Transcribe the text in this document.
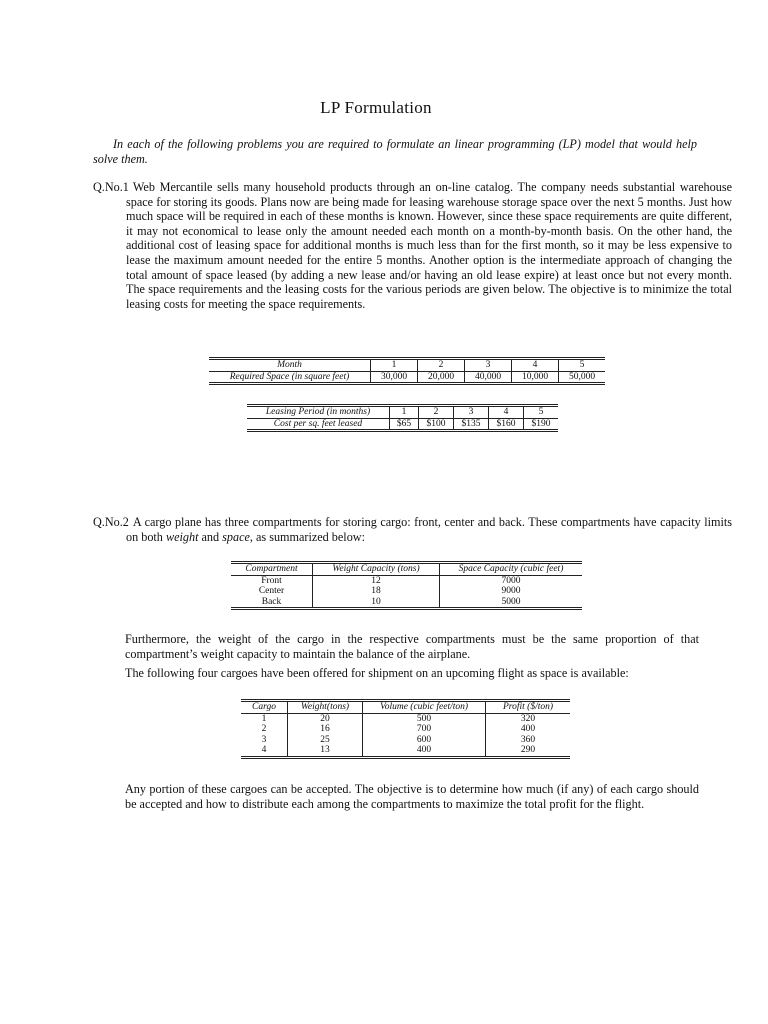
LP Formulation
In each of the following problems you are required to formulate an linear programming (LP) model that would help solve them.
Q.No.1 Web Mercantile sells many household products through an on-line catalog. The company needs substantial warehouse space for storing its goods. Plans now are being made for leasing warehouse storage space over the next 5 months. Just how much space will be required in each of these months is known. However, since these space requirements are quite different, it may not economical to lease only the amount needed each month on a month-by-month basis. On the other hand, the additional cost of leasing space for additional months is much less than for the first month, so it may be less expensive to lease the maximum amount needed for the entire 5 months. Another option is the intermediate approach of changing the total amount of space leased (by adding a new lease and/or having an old lease expire) at least once but not every month. The space requirements and the leasing costs for the various periods are given below. The objective is to minimize the total leasing costs for meeting the space requirements.
Month	1	2	3	4	5
Required Space (in square feet)	30,000	20,000	40,000	10,000	50,000
Leasing Period (in months)	1	2	3	4	5
Cost per sq. feet leased	$65	$100	$135	$160	$190
Q.No.2 A cargo plane has three compartments for storing cargo: front, center and back. These compartments have capacity limits on both weight and space, as summarized below:
Compartment	Weight Capacity (tons)	Space Capacity (cubic feet)
Front	12	7000
Center	18	9000
Back	10	5000
Furthermore, the weight of the cargo in the respective compartments must be the same proportion of that compartment’s weight capacity to maintain the balance of the airplane.
The following four cargoes have been offered for shipment on an upcoming flight as space is available:
Cargo	Weight(tons)	Volume (cubic feet/ton)	Profit ($/ton)
1	20	500	320
2	16	700	400
3	25	600	360
4	13	400	290
Any portion of these cargoes can be accepted. The objective is to determine how much (if any) of each cargo should be accepted and how to distribute each among the compartments to maximize the total profit for the flight.
